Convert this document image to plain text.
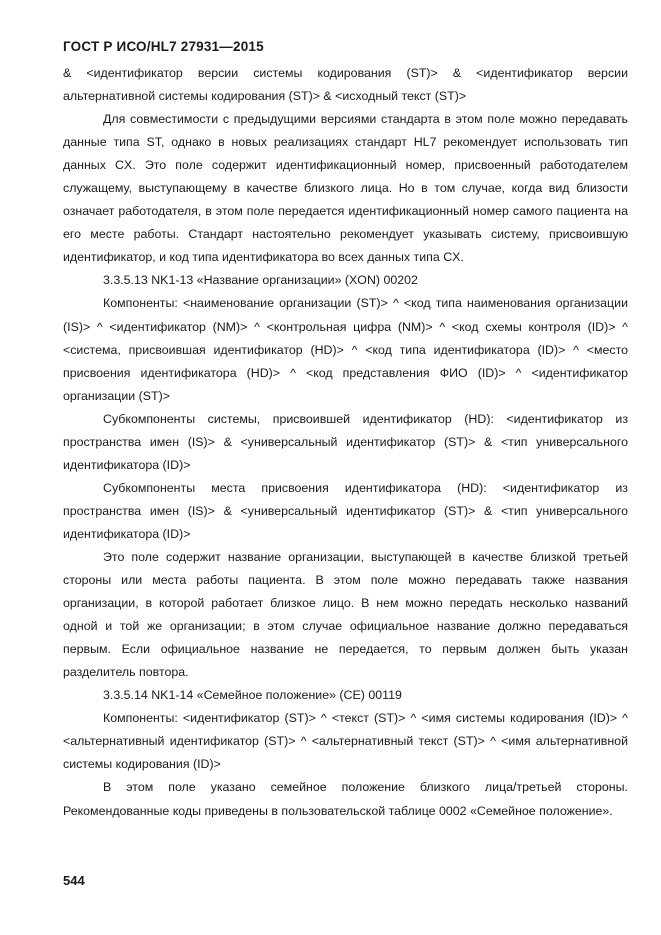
ГОСТ Р ИСО/HL7 27931—2015

& <идентификатор версии системы кодирования (ST)> & <идентификатор версии альтернативной системы кодирования (ST)> & <исходный текст (ST)>

Для совместимости с предыдущими версиями стандарта в этом поле можно передавать данные типа ST, однако в новых реализациях стандарт HL7 рекомендует использовать тип данных CX. Это поле содержит идентификационный номер, присвоенный работодателем служащему, выступающему в качестве близкого лица. Но в том случае, когда вид близости означает работодателя, в этом поле передается идентификационный номер самого пациента на его месте работы. Стандарт настоятельно рекомендует указывать систему, присвоившую идентификатор, и код типа идентификатора во всех данных типа CX.

3.3.5.13 NK1-13 «Название организации» (XON) 00202

Компоненты: <наименование организации (ST)> ^ <код типа наименования организации (IS)> ^ <идентификатор (NM)> ^ <контрольная цифра (NM)> ^ <код схемы контроля (ID)> ^ <система, присвоившая идентификатор (HD)> ^ <код типа идентификатора (ID)> ^ <место присвоения идентификатора (HD)> ^ <код представления ФИО (ID)> ^ <идентификатор организации (ST)>

Субкомпоненты системы, присвоившей идентификатор (HD): <идентификатор из пространства имен (IS)> & <универсальный идентификатор (ST)> & <тип универсального идентификатора (ID)>

Субкомпоненты места присвоения идентификатора (HD): <идентификатор из пространства имен (IS)> & <универсальный идентификатор (ST)> & <тип универсального идентификатора (ID)>

Это поле содержит название организации, выступающей в качестве близкой третьей стороны или места работы пациента. В этом поле можно передавать также названия организации, в которой работает близкое лицо. В нем можно передать несколько названий одной и той же организации; в этом случае официальное название должно передаваться первым. Если официальное название не передается, то первым должен быть указан разделитель повтора.

3.3.5.14 NK1-14 «Семейное положение» (CE) 00119

Компоненты: <идентификатор (ST)> ^ <текст (ST)> ^ <имя системы кодирования (ID)> ^ <альтернативный идентификатор (ST)> ^ <альтернативный текст (ST)> ^ <имя альтернативной системы кодирования (ID)>

В этом поле указано семейное положение близкого лица/третьей стороны. Рекомендованные коды приведены в пользовательской таблице 0002 «Семейное положение».

544
